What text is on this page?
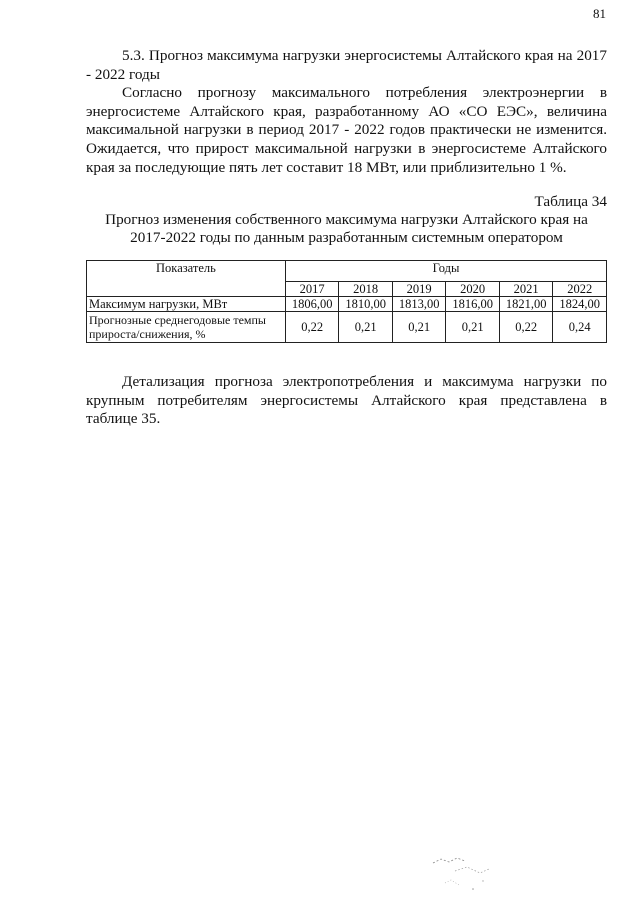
81

5.3. Прогноз максимума нагрузки энергосистемы Алтайского края на 2017 - 2022 годы

Согласно прогнозу максимального потребления электроэнергии в энергосистеме Алтайского края, разработанному АО «СО ЕЭС», величина максимальной нагрузки в период 2017 - 2022 годов практически не изменится. Ожидается, что прирост максимальной нагрузки в энергосистеме Алтайского края за последующие пять лет составит 18 МВт, или приблизительно 1 %.

Таблица 34
Прогноз изменения собственного максимума нагрузки Алтайского края на
2017-2022 годы по данным разработанным системным оператором
Показатель	Годы					
	2017	2018	2019	2020	2021	2022
Максимум нагрузки, МВт	1806,00	1810,00	1813,00	1816,00	1821,00	1824,00
Прогнозные среднегодовые темпы прироста/снижения, %	0,22	0,21	0,21	0,21	0,22	0,24

Детализация прогноза электропотребления и максимума нагрузки по крупным потребителям энергосистемы Алтайского края представлена в таблице 35.
